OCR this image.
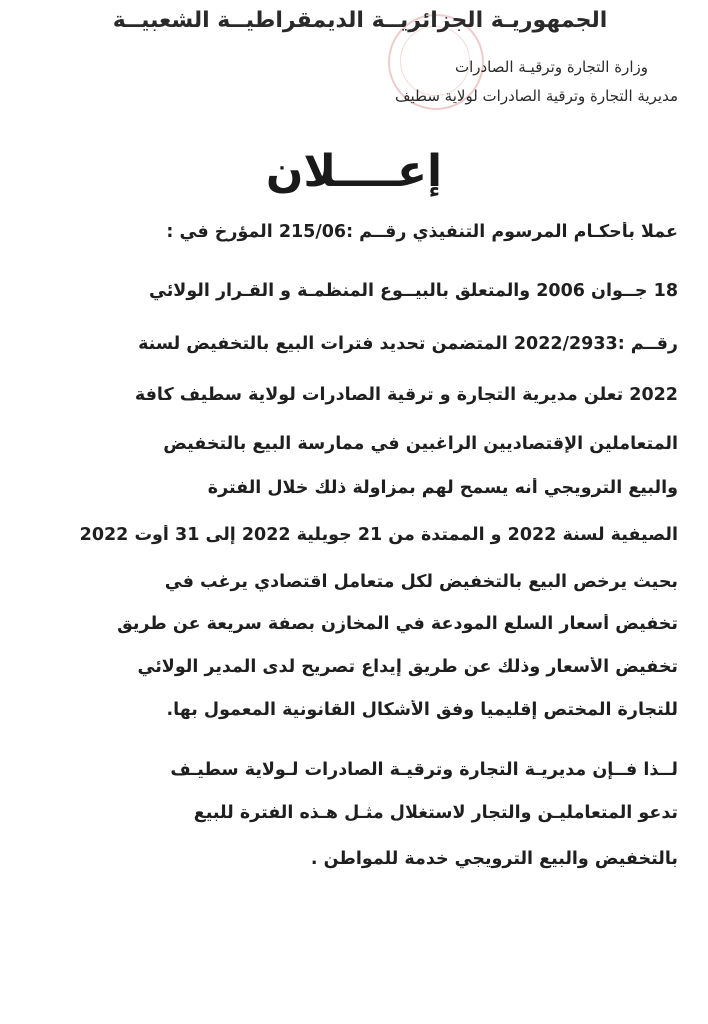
الجمهوريـة الجزائريــة الديمقراطيــة الشعبيــة
وزارة التجارة وترقيـة الصادرات
مديرية التجارة وترقية الصادرات لولاية سطيف
إعــــلان
عملا بأحكـام المرسوم التنفيذي رقــم :215/06 المؤرخ في :
18 جــوان 2006 والمتعلق بالبيــوع المنظمـة و القـرار الولائي
رقــم :2022/2933 المتضمن تحديد فترات البيع بالتخفيض لسنة
2022 تعلن مديرية التجارة و ترقية الصادرات لولاية سطيف كافة
المتعاملين الإقتصاديين الراغبين في ممارسة البيع بالتخفيض
والبيع الترويجي أنه يسمح لهم بمزاولة ذلك خلال الفترة
الصيفية لسنة 2022 و الممتدة من 21 جويلية 2022 إلى 31 أوت 2022
بحيث يرخص البيع بالتخفيض لكل متعامل اقتصادي يرغب في
تخفيض أسعار السلع المودعة في المخازن بصفة سريعة عن طريق
تخفيض الأسعار وذلك عن طريق إيداع تصريح لدى المدير الولائي
للتجارة المختص إقليميا وفق الأشكال القانونية المعمول بها.
لــذا فــإن مديريـة التجارة وترقيـة الصادرات لـولاية سطيـف
تدعو المتعامليـن والتجار لاستغلال مثـل هـذه الفترة للبيع
بالتخفيض والبيع الترويجي خدمة للمواطن .
